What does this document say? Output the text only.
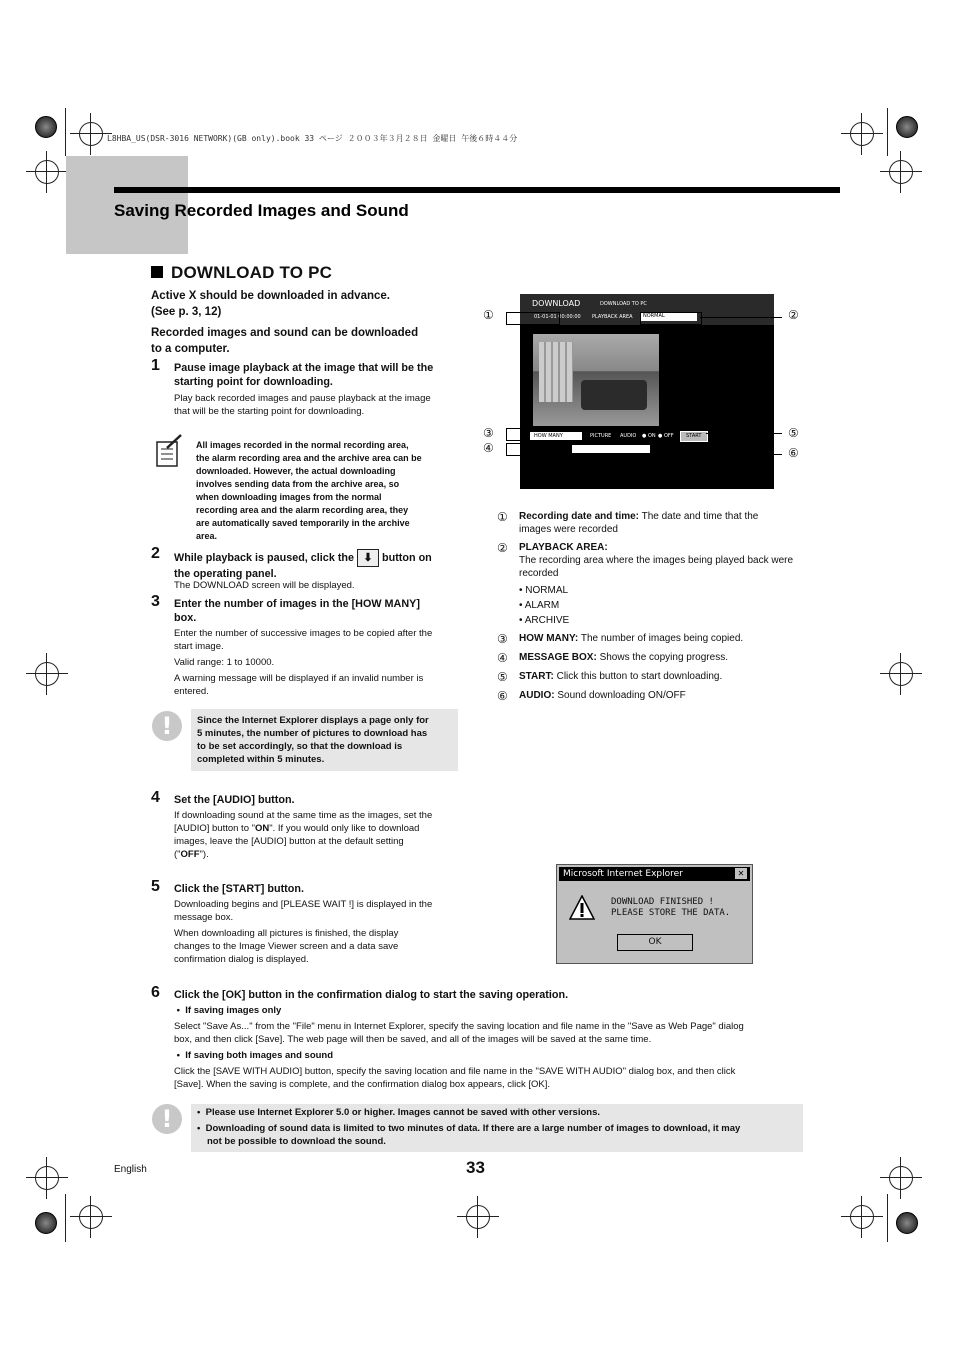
L8HBA_US(DSR-3016 NETWORK)(GB only).book 33 ページ ２００３年３月２８日 金曜日 午後６時４４分
Saving Recorded Images and Sound
DOWNLOAD TO PC
Active X should be downloaded in advance.
(See p. 3, 12)
Recorded images and sound can be downloaded
to a computer.
1 Pause image playback at the image that will be the
starting point for downloading.
Play back recorded images and pause playback at the image
that will be the starting point for downloading.
All images recorded in the normal recording area,
the alarm recording area and the archive area can be
downloaded. However, the actual downloading
involves sending data from the archive area, so
when downloading images from the normal
recording area and the alarm recording area, they
are automatically saved temporarily in the archive
area.
2 While playback is paused, click the ⬇ button on
the operating panel.
The DOWNLOAD screen will be displayed.
3 Enter the number of images in the [HOW MANY]
box.
Enter the number of successive images to be copied after the
start image.
Valid range: 1 to 10000.
A warning message will be displayed if an invalid number is
entered.
!	Since the Internet Explorer displays a page only for
5 minutes, the number of pictures to download has
to be set accordingly, so that the download is
completed within 5 minutes.
4 Set the [AUDIO] button.
If downloading sound at the same time as the images, set the
[AUDIO] button to "ON". If you would only like to download
images, leave the [AUDIO] button at the default setting
("OFF").
5 Click the [START] button.
Downloading begins and [PLEASE WAIT !] is displayed in the
message box.
When downloading all pictures is finished, the display
changes to the Image Viewer screen and a data save
confirmation dialog is displayed.
6 Click the [OK] button in the confirmation dialog to start the saving operation.
•  If saving images only
Select "Save As..." from the "File" menu in Internet Explorer, specify the saving location and file name in the "Save as Web Page" dialog
box, and then click [Save]. The web page will then be saved, and all of the images will be saved at the same time.
•  If saving both images and sound
Click the [SAVE WITH AUDIO] button, specify the saving location and file name in the "SAVE WITH AUDIO" dialog box, and then click
[Save]. When the saving is complete, and the confirmation dialog box appears, click [OK].
!	•  Please use Internet Explorer 5.0 or higher. Images cannot be saved with other versions.
•  Downloading of sound data is limited to two minutes of data. If there are a large number of images to download, it may
not be possible to download the sound.
DOWNLOAD	DOWNLOAD TO PC
01-01-01 00:00:00 PLAYBACK AREA NORMAL
HOW MANY	PICTURE AUDIO ● ON ● OFF START
①	②
③
④
⑤
⑥
①	Recording date and time: The date and time that the
images were recorded
②	PLAYBACK AREA:
The recording area where the images being played back were
recorded
• NORMAL
• ALARM
• ARCHIVE
③	HOW MANY: The number of images being copied.
④	MESSAGE BOX: Shows the copying progress.
⑤	START: Click this button to start downloading.
⑥	AUDIO: Sound downloading ON/OFF
Microsoft Internet Explorer	✕
DOWNLOAD FINISHED !
PLEASE STORE THE DATA.
OK
English	33
